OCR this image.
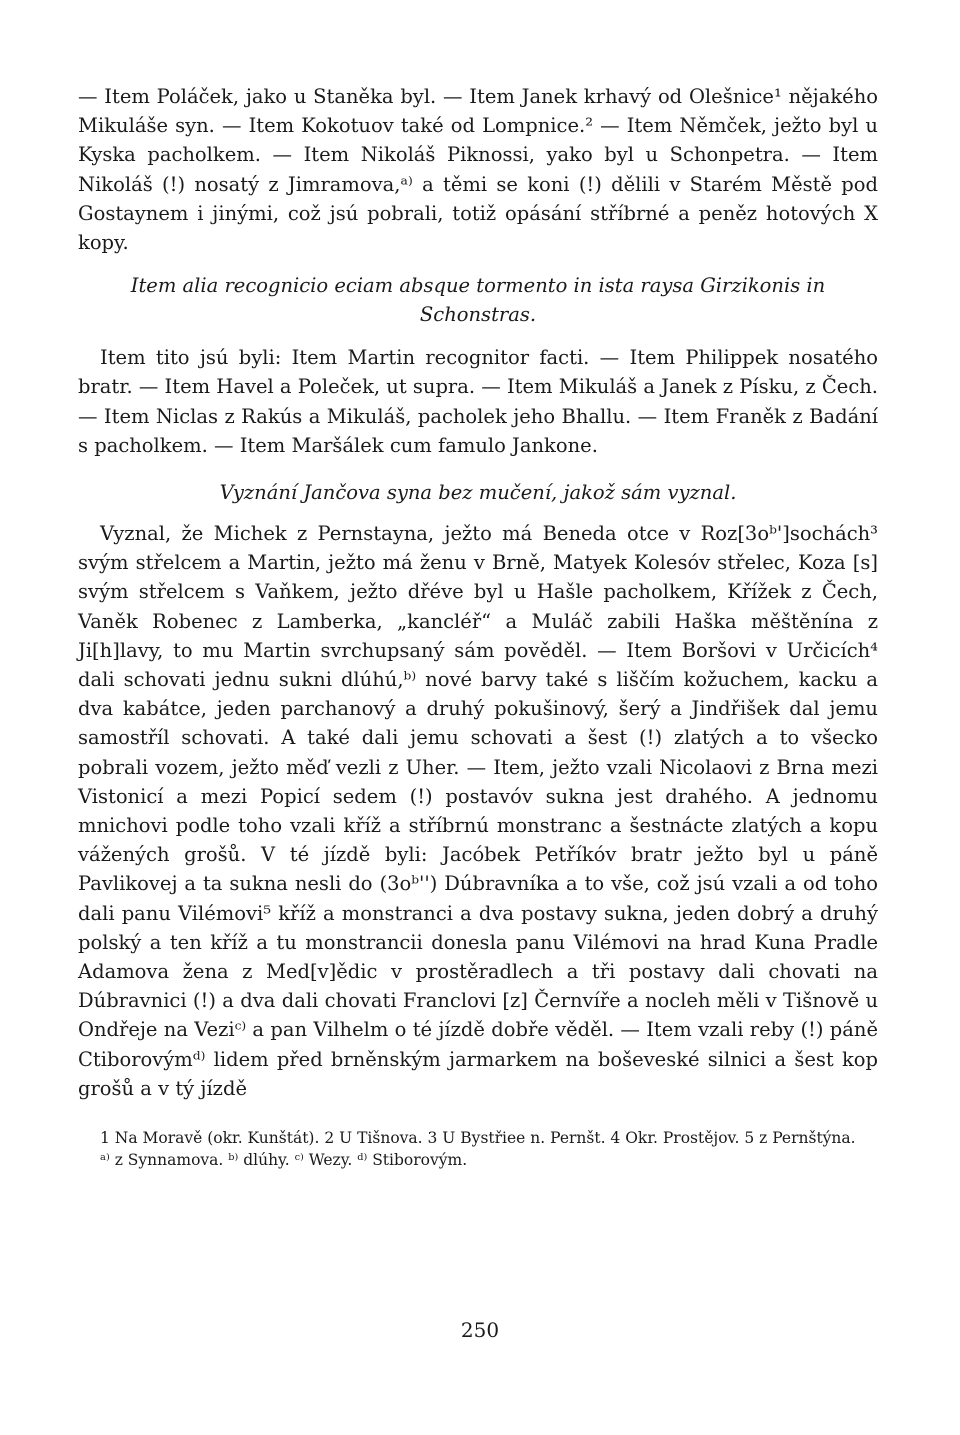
— Item Poláček, jako u Staněka byl. — Item Janek krhavý od Olešnice¹ nějakého Mikuláše syn. — Item Kokotuov také od Lompnice.² — Item Němček, ježto byl u Kyska pacholkem. — Item Nikoláš Piknossi, yako byl u Schonpetra. — Item Nikoláš (!) nosatý z Jimramova,ᵃ⁾ a těmi se koni (!) dělili v Starém Městě pod Gostaynem i jinými, což jsú pobrali, totiž opásání stříbrné a peněz hotových X kopy.

Item alia recognicio eciam absque tormento in ista raysa Girzikonis in Schonstras.

Item tito jsú byli: Item Martin recognitor facti. — Item Philippek nosatého bratr. — Item Havel a Poleček, ut supra. — Item Mikuláš a Janek z Písku, z Čech. — Item Niclas z Rakús a Mikuláš, pacholek jeho Bhallu. — Item Franěk z Badání s pacholkem. — Item Maršálek cum famulo Jankone.

Vyznání Jančova syna bez mučení, jakož sám vyznal.

Vyznal, že Michek z Pernstayna, ježto má Beneda otce v Roz[3oᵇ']sochách³ svým střelcem a Martin, ježto má ženu v Brně, Matyek Kolesóv střelec, Koza [s] svým střelcem s Vaňkem, ježto dřéve byl u Hašle pacholkem, Křížek z Čech, Vaněk Robenec z Lamberka, „kancléř“ a Muláč zabili Haška měštěnína z Ji[h]lavy, to mu Martin svrchupsaný sám pověděl. — Item Boršovi v Určicích⁴ dali schovati jednu sukni dlúhú,ᵇ⁾ nové barvy také s liščím kožuchem, kacku a dva kabátce, jeden parchanový a druhý pokušinový, šerý a Jindřišek dal jemu samostříl schovati. A také dali jemu schovati a šest (!) zlatých a to všecko pobrali vozem, ježto měď vezli z Uher. — Item, ježto vzali Nicolaovi z Brna mezi Vistonicí a mezi Popicí sedem (!) postavóv sukna jest drahého. A jednomu mnichovi podle toho vzali kříž a stříbrnú monstranc a šestnácte zlatých a kopu vážených grošů. V té jízdě byli: Jacóbek Petříkóv bratr ježto byl u páně Pavlikovej a ta sukna nesli do (3oᵇ'') Dúbravníka a to vše, což jsú vzali a od toho dali panu Vilémovi⁵ kříž a monstranci a dva postavy sukna, jeden dobrý a druhý polský a ten kříž a tu monstrancii donesla panu Vilémovi na hrad Kuna Pradle Adamova žena z Med[v]ědic v prostěradlech a tři postavy dali chovati na Dúbravnici (!) a dva dali chovati Franclovi [z] Černvíře a nocleh měli v Tišnově u Ondřeje na Veziᶜ⁾ a pan Vilhelm o té jízdě dobře věděl. — Item vzali reby (!) páně Ctiborovýmᵈ⁾ lidem před brněnským jarmarkem na boševeské silnici a šest kop grošů a v tý jízdě

1 Na Moravě (okr. Kunštát). 2 U Tišnova. 3 U Bystřiee n. Pernšt. 4 Okr. Prostějov. 5 z Pernštýna.

ᵃ⁾ z Synnamova. ᵇ⁾ dlúhy. ᶜ⁾ Wezy. ᵈ⁾ Stiborovým.

250
